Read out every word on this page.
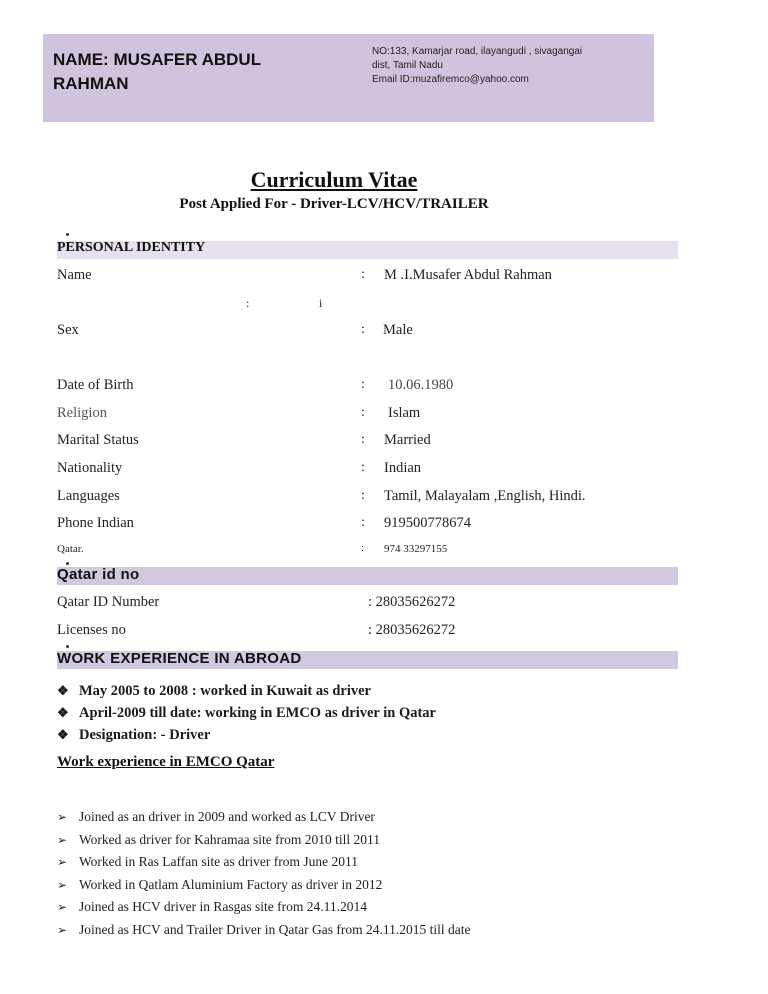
NAME: MUSAFER ABDUL RAHMAN
NO:133, Kamarjar road, ilayangudi , sivagangai
dist, Tamil Nadu
Email ID:muzafiremco@yahoo.com
Curriculum Vitae
Post Applied For - Driver-LCV/HCV/TRAILER
PERSONAL IDENTITY
Name	: M .I.Musafer Abdul Rahman
:	i
Sex	: Male
Date of Birth	: 10.06.1980
Religion	: Islam
Marital Status	: Married
Nationality	: Indian
Languages	: Tamil, Malayalam ,English, Hindi.
Phone Indian	: 919500778674
Qatar.	: 974 33297155
Qatar id no
Qatar ID Number	: 28035626272
Licenses no	: 28035626272
WORK EXPERIENCE IN ABROAD
❖ May 2005 to 2008 : worked in Kuwait as driver
❖ April-2009 till date: working in EMCO as driver in Qatar
❖ Designation: - Driver
Work experience in EMCO Qatar
➢ Joined as an driver in 2009 and worked as LCV Driver
➢ Worked as driver for Kahramaa site from 2010 till 2011
➢ Worked in Ras Laffan site as driver from June 2011
➢ Worked in Qatlam Aluminium Factory as driver in 2012
➢ Joined as HCV driver in Rasgas site from 24.11.2014
➢ Joined as HCV and Trailer Driver in Qatar Gas from 24.11.2015 till date
